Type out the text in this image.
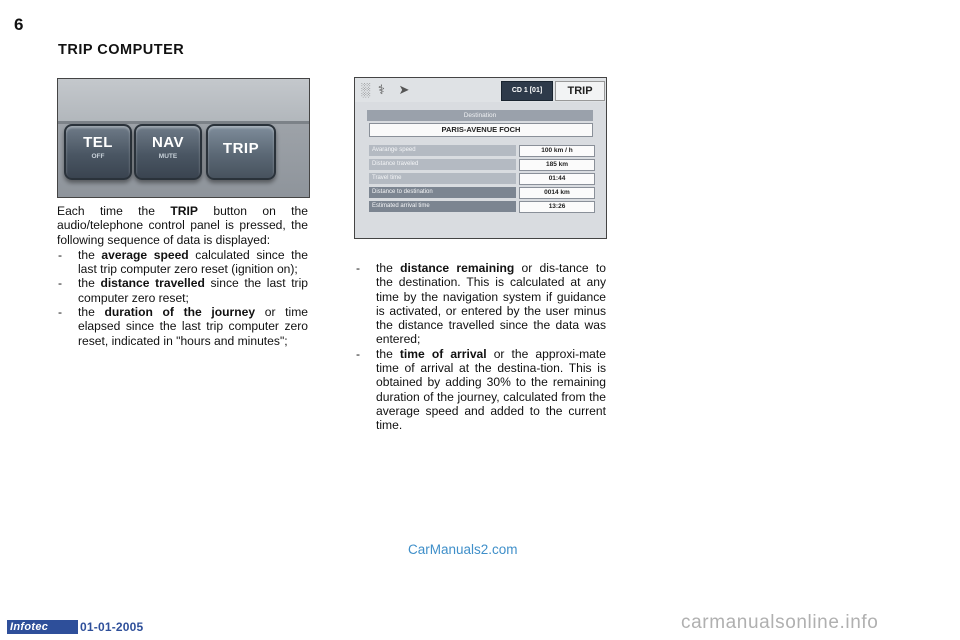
6
TRIP COMPUTER
TEL
OFF
NAV
MUTE	TRIP
░ ⚕ ➤	CD 1 [01]	TRIP
Destination
PARIS-AVENUE FOCH
Avarange speed	100 km / h
Distance traveled	185 km
Travel time	01:44
Distance to destination	0014 km
Estimated arrival time	13:26

Each time the TRIP button on the audio/telephone control panel is pressed, the following sequence of data is displayed:

- the average speed calculated since the last trip computer zero reset (ignition on);
- the distance travelled since the last trip computer zero reset;
- the duration of the journey or time elapsed since the last trip computer zero reset, indicated in "hours and minutes";
- the distance remaining or dis-tance to the destination. This is calculated at any time by the navigation system if guidance is activated, or entered by the user minus the distance travelled since the data was entered;
- the time of arrival or the approxi-mate time of arrival at the destina-tion. This is obtained by adding 30% to the remaining duration of the journey, calculated from the average speed and added to the current time.
CarManuals2.com
Infotec	01-01-2005	carmanualsonline.info
